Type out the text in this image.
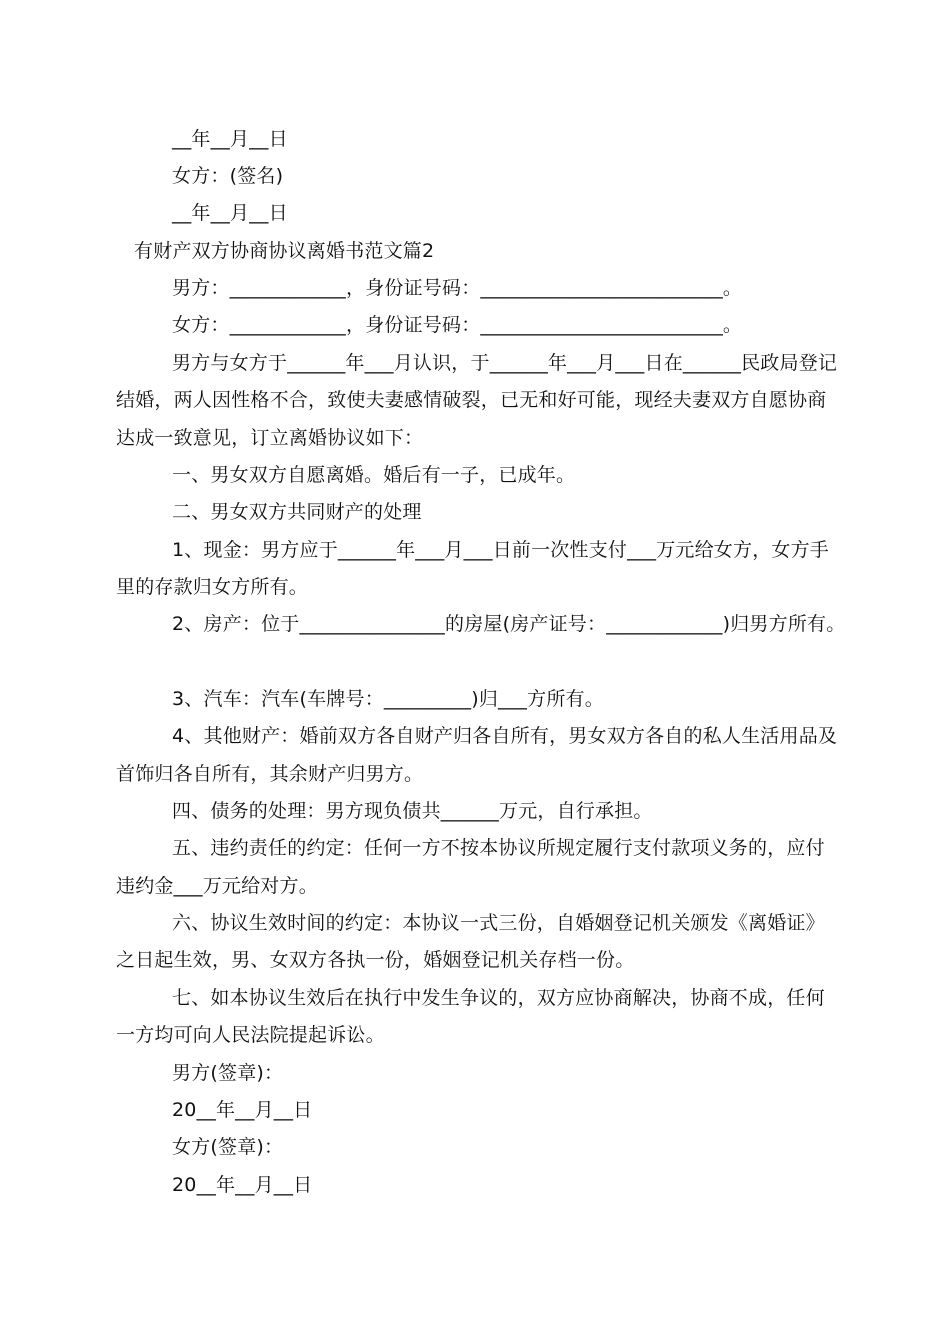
__年__月__日
女方：(签名)
__年__月__日
有财产双方协商协议离婚书范文篇2
男方：____________，身份证号码：_________________________。
女方：____________，身份证号码：_________________________。
男方与女方于______年___月认识，于______年___月___日在______民政局登记
结婚，两人因性格不合，致使夫妻感情破裂，已无和好可能，现经夫妻双方自愿协商
达成一致意见，订立离婚协议如下：
一、男女双方自愿离婚。婚后有一子，已成年。
二、男女双方共同财产的处理
1、现金：男方应于______年___月___日前一次性支付___万元给女方，女方手
里的存款归女方所有。
2、房产：位于_______________的房屋(房产证号：____________)归男方所有。
3、汽车：汽车(车牌号：_________)归___方所有。
4、其他财产：婚前双方各自财产归各自所有，男女双方各自的私人生活用品及
首饰归各自所有，其余财产归男方。
四、债务的处理：男方现负债共______万元，自行承担。
五、违约责任的约定：任何一方不按本协议所规定履行支付款项义务的，应付
违约金___万元给对方。
六、协议生效时间的约定：本协议一式三份，自婚姻登记机关颁发《离婚证》
之日起生效，男、女双方各执一份，婚姻登记机关存档一份。
七、如本协议生效后在执行中发生争议的，双方应协商解决，协商不成，任何
一方均可向人民法院提起诉讼。
男方(签章)：
20__年__月__日
女方(签章)：
20__年__月__日
